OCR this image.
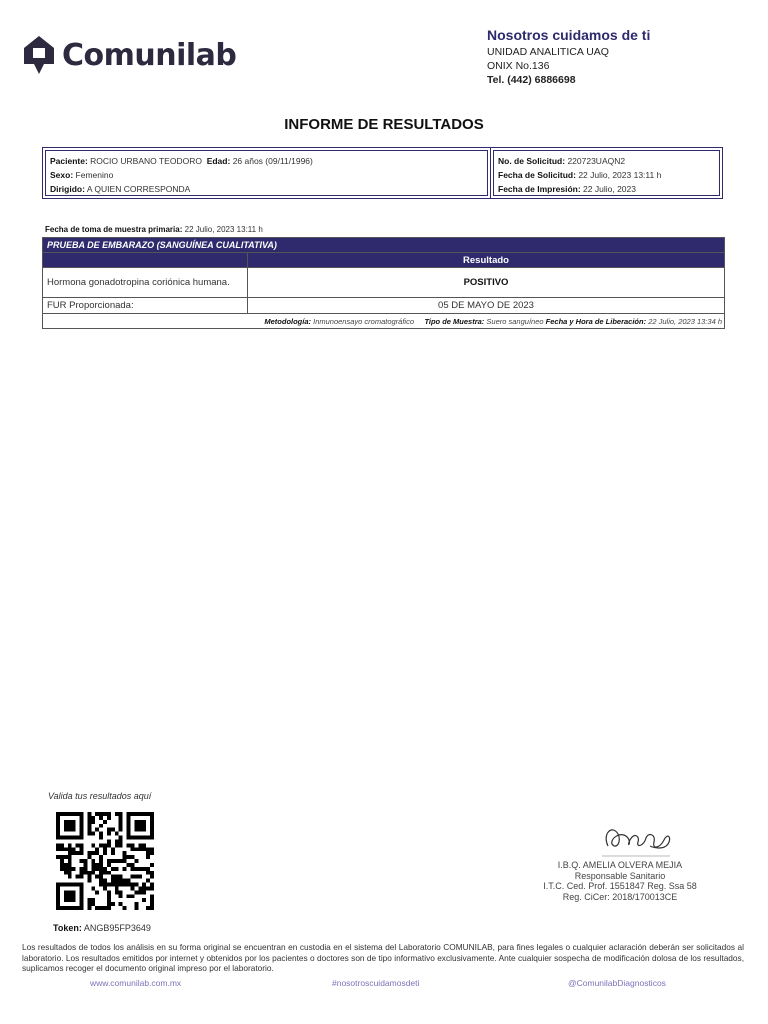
Comunilab
Nosotros cuidamos de ti
UNIDAD ANALITICA UAQ
ONIX No.136
Tel. (442) 6886698
INFORME DE RESULTADOS
Paciente: ROCIO URBANO TEODORO Edad: 26 años (09/11/1996)
Sexo: Femenino
Dirigido: A QUIEN CORRESPONDA
No. de Solicitud: 220723UAQN2
Fecha de Solicitud: 22 Julio, 2023 13:11 h
Fecha de Impresión: 22 Julio, 2023
Fecha de toma de muestra primaria: 22 Julio, 2023 13:11 h
PRUEBA DE EMBARAZO (SANGUÍNEA CUALITATIVA)	
	Resultado
Hormona gonadotropina coriónica humana.	POSITIVO
FUR Proporcionada:	05 DE MAYO DE 2023
Metodología: Inmunoensayo cromatográfico Tipo de Muestra: Suero sanguíneo Fecha y Hora de Liberación: 22 Julio, 2023 13:34 h	
Valida tus resultados aquí
Token: ANGB95FP3649
I.B.Q. AMELIA OLVERA MEJIA
Responsable Sanitario
I.T.C. Ced. Prof. 1551847 Reg. Ssa 58
Reg. CiCer: 2018/170013CE
Los resultados de todos los análisis en su forma original se encuentran en custodia en el sistema del Laboratorio COMUNILAB, para fines legales o cualquier aclaración deberán ser solicitados al laboratorio. Los resultados emitidos por internet y obtenidos por los pacientes o doctores son de tipo informativo exclusivamente. Ante cualquier sospecha de modificación dolosa de los resultados, suplicamos recoger el documento original impreso por el laboratorio.
www.comunilab.com.mx	#nosotroscuidamosdeti	@ComunilabDiagnosticos
